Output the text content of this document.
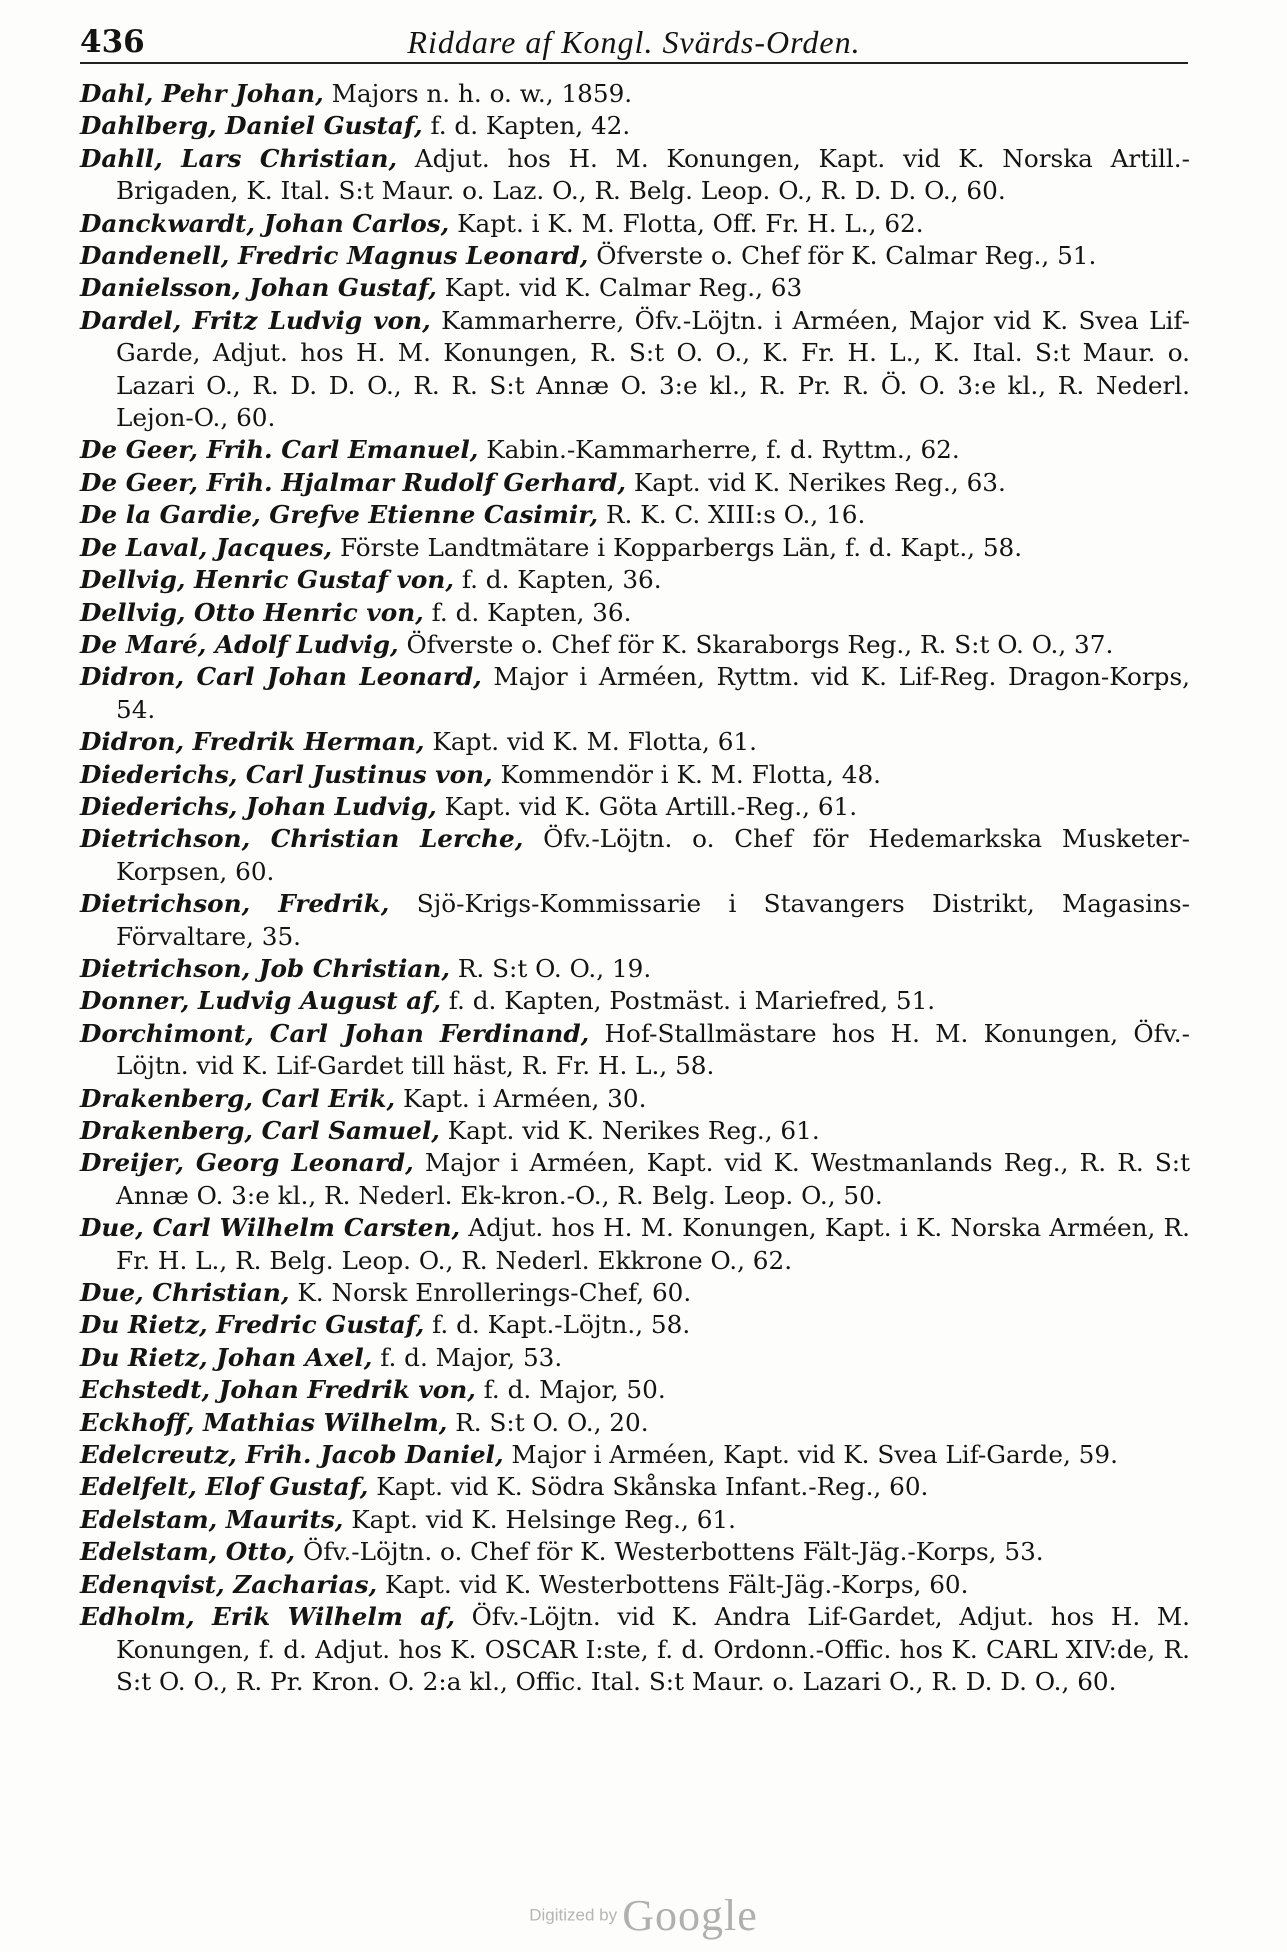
436	Riddare af Kongl. Svärds-Orden.
Dahl, Pehr Johan, Majors n. h. o. w., 1859.
Dahlberg, Daniel Gustaf, f. d. Kapten, 42.
Dahll, Lars Christian, Adjut. hos H. M. Konungen, Kapt. vid K. Norska Artill.-Brigaden, K. Ital. S:t Maur. o. Laz. O., R. Belg. Leop. O., R. D. D. O., 60.
Danckwardt, Johan Carlos, Kapt. i K. M. Flotta, Off. Fr. H. L., 62.
Dandenell, Fredric Magnus Leonard, Öfverste o. Chef för K. Calmar Reg., 51.
Danielsson, Johan Gustaf, Kapt. vid K. Calmar Reg., 63
Dardel, Fritz Ludvig von, Kammarherre, Öfv.-Löjtn. i Arméen, Major vid K. Svea Lif-Garde, Adjut. hos H. M. Konungen, R. S:t O. O., K. Fr. H. L., K. Ital. S:t Maur. o. Lazari O., R. D. D. O., R. R. S:t Annæ O. 3:e kl., R. Pr. R. Ö. O. 3:e kl., R. Nederl. Lejon-O., 60.
De Geer, Frih. Carl Emanuel, Kabin.-Kammarherre, f. d. Ryttm., 62.
De Geer, Frih. Hjalmar Rudolf Gerhard, Kapt. vid K. Nerikes Reg., 63.
De la Gardie, Grefve Etienne Casimir, R. K. C. XIII:s O., 16.
De Laval, Jacques, Förste Landtmätare i Kopparbergs Län, f. d. Kapt., 58.
Dellvig, Henric Gustaf von, f. d. Kapten, 36.
Dellvig, Otto Henric von, f. d. Kapten, 36.
De Maré, Adolf Ludvig, Öfverste o. Chef för K. Skaraborgs Reg., R. S:t O. O., 37.
Didron, Carl Johan Leonard, Major i Arméen, Ryttm. vid K. Lif-Reg. Dragon-Korps, 54.
Didron, Fredrik Herman, Kapt. vid K. M. Flotta, 61.
Diederichs, Carl Justinus von, Kommendör i K. M. Flotta, 48.
Diederichs, Johan Ludvig, Kapt. vid K. Göta Artill.-Reg., 61.
Dietrichson, Christian Lerche, Öfv.-Löjtn. o. Chef för Hedemarkska Musketer-Korpsen, 60.
Dietrichson, Fredrik, Sjö-Krigs-Kommissarie i Stavangers Distrikt, Magasins-Förvaltare, 35.
Dietrichson, Job Christian, R. S:t O. O., 19.
Donner, Ludvig August af, f. d. Kapten, Postmäst. i Mariefred, 51.
Dorchimont, Carl Johan Ferdinand, Hof-Stallmästare hos H. M. Konungen, Öfv.-Löjtn. vid K. Lif-Gardet till häst, R. Fr. H. L., 58.
Drakenberg, Carl Erik, Kapt. i Arméen, 30.
Drakenberg, Carl Samuel, Kapt. vid K. Nerikes Reg., 61.
Dreijer, Georg Leonard, Major i Arméen, Kapt. vid K. Westmanlands Reg., R. R. S:t Annæ O. 3:e kl., R. Nederl. Ek-kron.-O., R. Belg. Leop. O., 50.
Due, Carl Wilhelm Carsten, Adjut. hos H. M. Konungen, Kapt. i K. Norska Arméen, R. Fr. H. L., R. Belg. Leop. O., R. Nederl. Ekkrone O., 62.
Due, Christian, K. Norsk Enrollerings-Chef, 60.
Du Rietz, Fredric Gustaf, f. d. Kapt.-Löjtn., 58.
Du Rietz, Johan Axel, f. d. Major, 53.
Echstedt, Johan Fredrik von, f. d. Major, 50.
Eckhoff, Mathias Wilhelm, R. S:t O. O., 20.
Edelcreutz, Frih. Jacob Daniel, Major i Arméen, Kapt. vid K. Svea Lif-Garde, 59.
Edelfelt, Elof Gustaf, Kapt. vid K. Södra Skånska Infant.-Reg., 60.
Edelstam, Maurits, Kapt. vid K. Helsinge Reg., 61.
Edelstam, Otto, Öfv.-Löjtn. o. Chef för K. Westerbottens Fält-Jäg.-Korps, 53.
Edenqvist, Zacharias, Kapt. vid K. Westerbottens Fält-Jäg.-Korps, 60.
Edholm, Erik Wilhelm af, Öfv.-Löjtn. vid K. Andra Lif-Gardet, Adjut. hos H. M. Konungen, f. d. Adjut. hos K. OSCAR I:ste, f. d. Ordonn.-Offic. hos K. CARL XIV:de, R. S:t O. O., R. Pr. Kron. O. 2:a kl., Offic. Ital. S:t Maur. o. Lazari O., R. D. D. O., 60.
Digitized by Google
